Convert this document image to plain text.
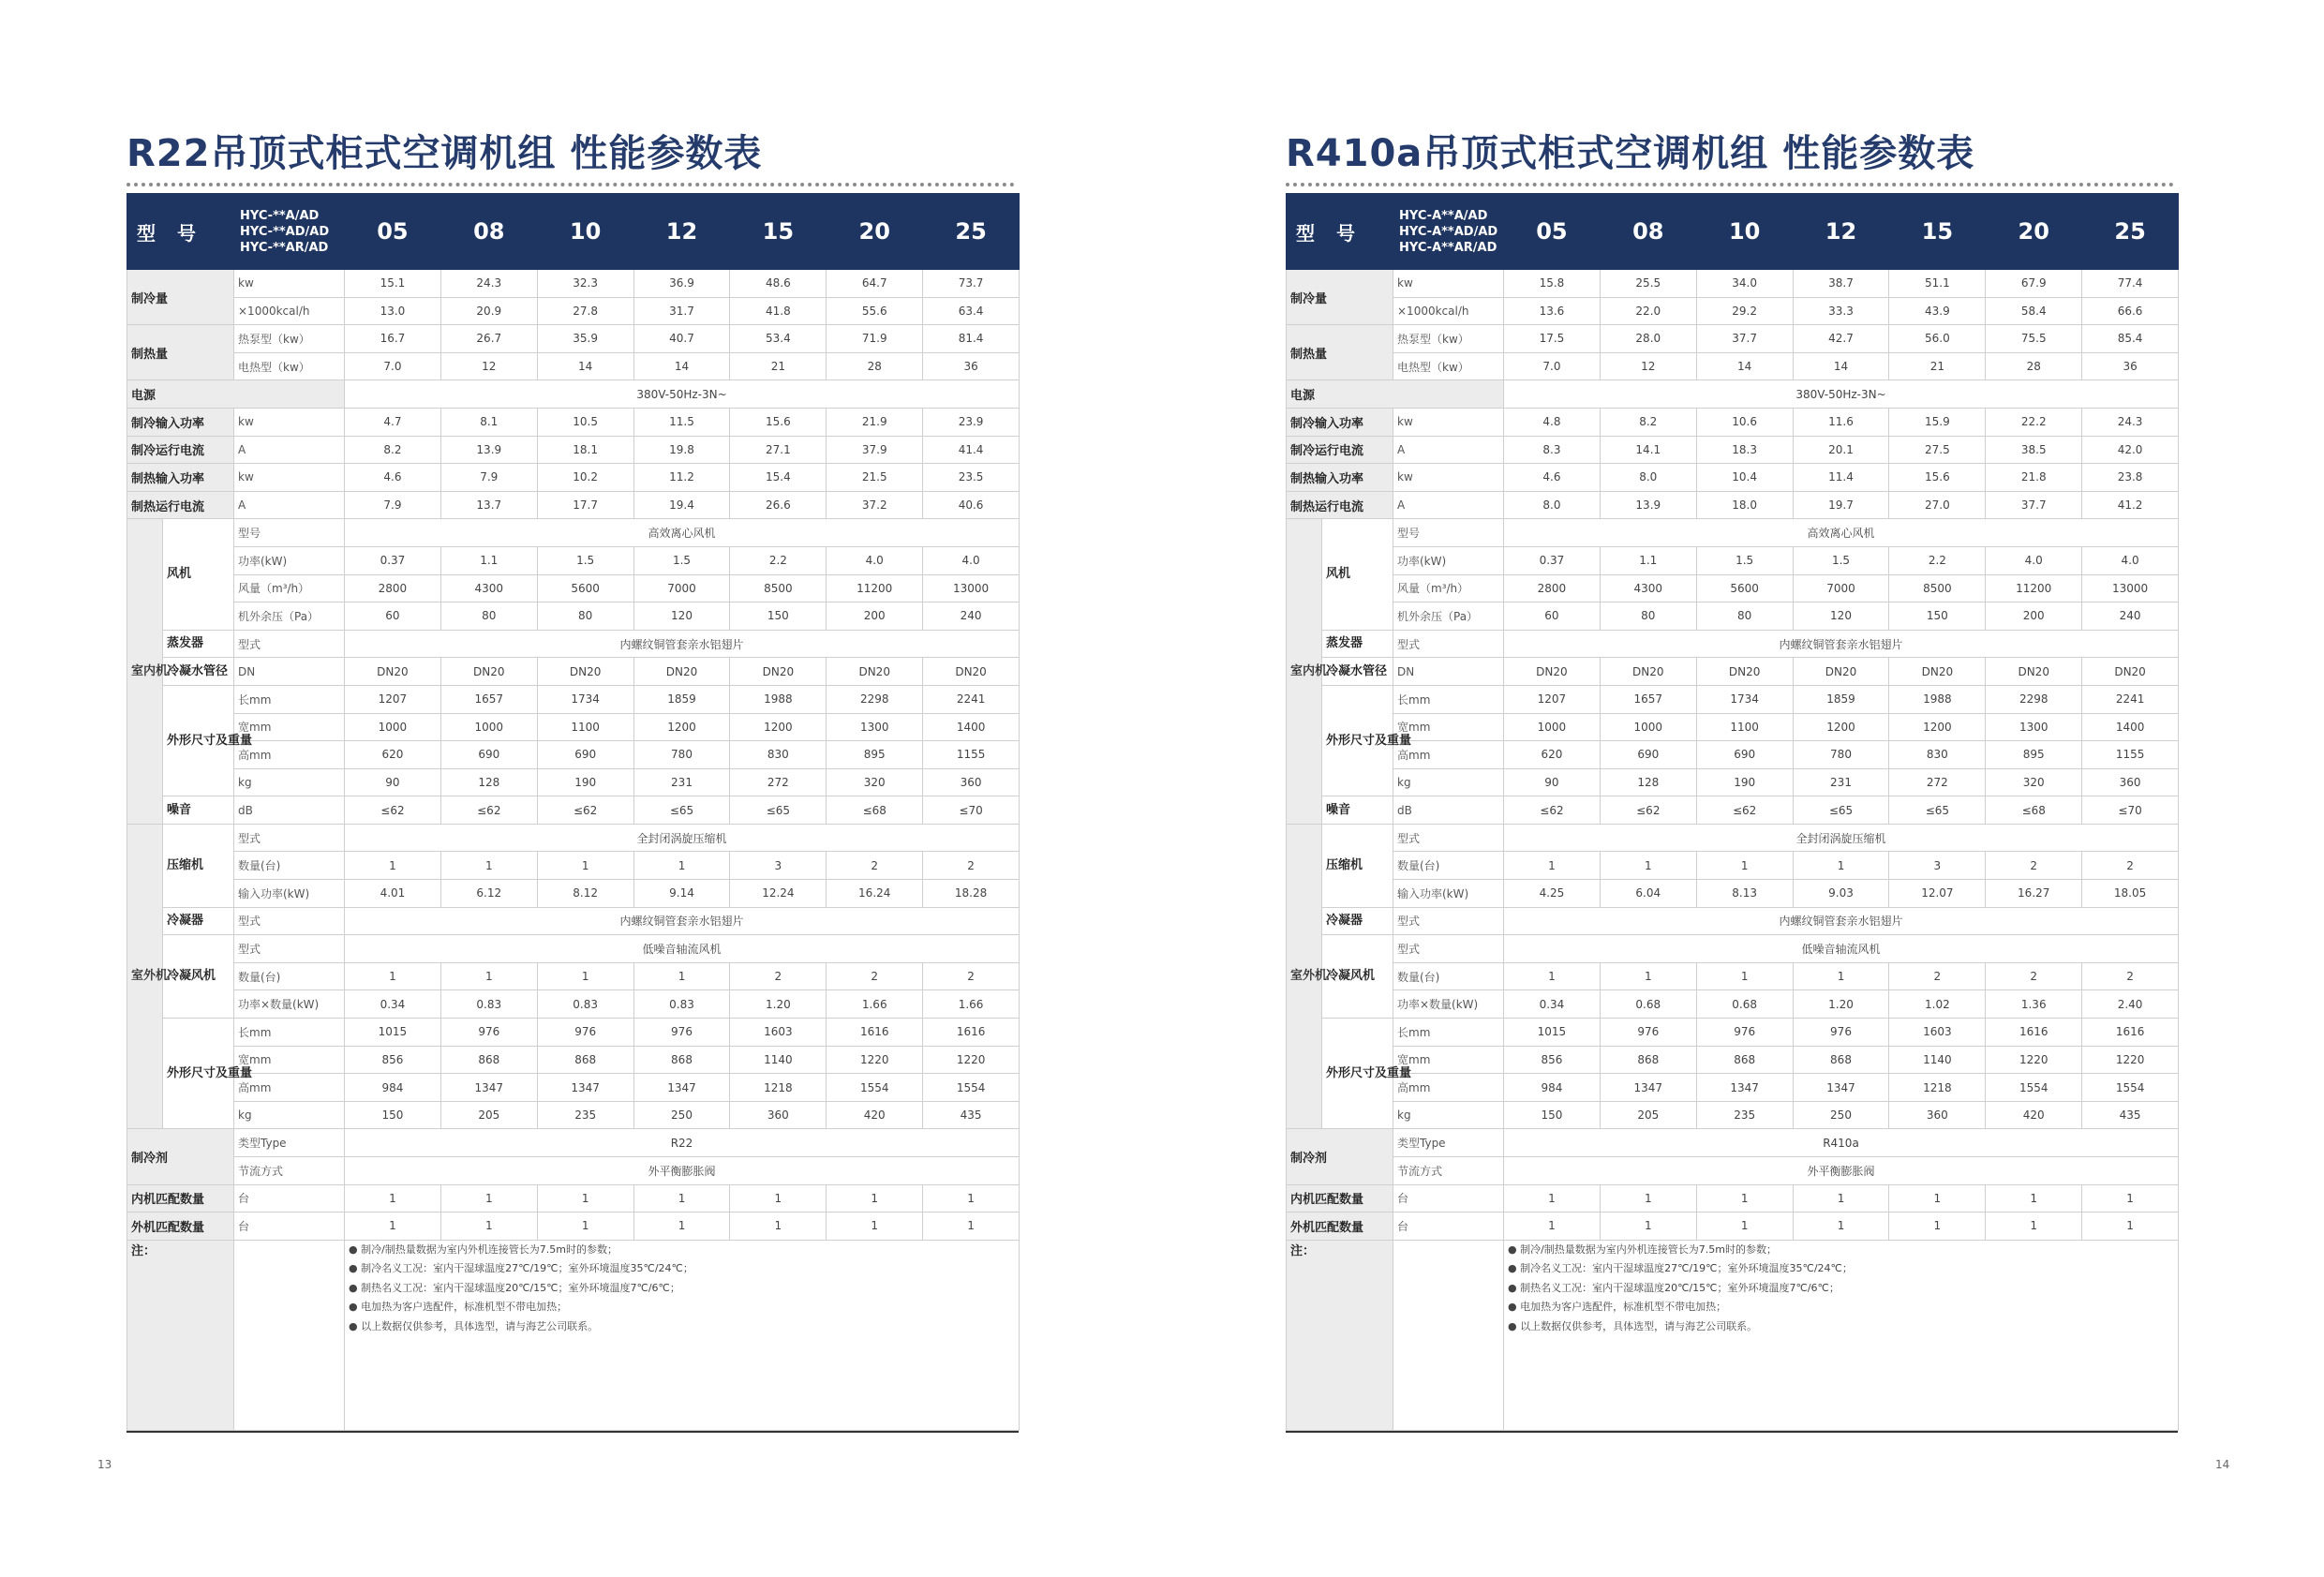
R22吊顶式柜式空调机组 性能参数表
型 号		HYC-**A/AD
HYC-**AD/AD
HYC-**AR/AD	05	08	10	12	15	20	25
制冷量		kw	15.1	24.3	32.3	36.9	48.6	64.7	73.7
		×1000kcal/h	13.0	20.9	27.8	31.7	41.8	55.6	63.4
制热量		热泵型（kw）	16.7	26.7	35.9	40.7	53.4	71.9	81.4
		电热型（kw）	7.0	12	14	14	21	28	36
电源			380V-50Hz-3N~						
制冷输入功率		kw	4.7	8.1	10.5	11.5	15.6	21.9	23.9
制冷运行电流		A	8.2	13.9	18.1	19.8	27.1	37.9	41.4
制热输入功率		kw	4.6	7.9	10.2	11.2	15.4	21.5	23.5
制热运行电流		A	7.9	13.7	17.7	19.4	26.6	37.2	40.6
室内机	风机	型号	高效离心风机						
		功率(kW)	0.37	1.1	1.5	1.5	2.2	4.0	4.0
		风量（m³/h）	2800	4300	5600	7000	8500	11200	13000
		机外余压（Pa）	60	80	80	120	150	200	240
	蒸发器	型式	内螺纹铜管套亲水铝翅片						
	冷凝水管径	DN	DN20	DN20	DN20	DN20	DN20	DN20	DN20
	外形尺寸及重量	长mm	1207	1657	1734	1859	1988	2298	2241
		宽mm	1000	1000	1100	1200	1200	1300	1400
		高mm	620	690	690	780	830	895	1155
		kg	90	128	190	231	272	320	360
	噪音	dB	≤62	≤62	≤62	≤65	≤65	≤68	≤70
室外机	压缩机	型式	全封闭涡旋压缩机						
		数量(台)	1	1	1	1	3	2	2
		输入功率(kW)	4.01	6.12	8.12	9.14	12.24	16.24	18.28
	冷凝器	型式	内螺纹铜管套亲水铝翅片						
	冷凝风机	型式	低噪音轴流风机						
		数量(台)	1	1	1	1	2	2	2
		功率×数量(kW)	0.34	0.83	0.83	0.83	1.20	1.66	1.66
	外形尺寸及重量	长mm	1015	976	976	976	1603	1616	1616
		宽mm	856	868	868	868	1140	1220	1220
		高mm	984	1347	1347	1347	1218	1554	1554
		kg	150	205	235	250	360	420	435
制冷剂		类型Type	R22						
		节流方式	外平衡膨胀阀						
内机匹配数量		台	1	1	1	1	1	1	1
外机匹配数量		台	1	1	1	1	1	1	1
注：			● 制冷/制热量数据为室内外机连接管长为7.5m时的参数；
● 制冷名义工况：室内干湿球温度27℃/19℃；室外环境温度35℃/24℃；
● 制热名义工况：室内干湿球温度20℃/15℃；室外环境温度7℃/6℃；
● 电加热为客户选配件，标准机型不带电加热；
● 以上数据仅供参考，具体选型，请与海艺公司联系。						
R410a吊顶式柜式空调机组 性能参数表
型 号		HYC-A**A/AD
HYC-A**AD/AD
HYC-A**AR/AD	05	08	10	12	15	20	25
制冷量		kw	15.8	25.5	34.0	38.7	51.1	67.9	77.4
		×1000kcal/h	13.6	22.0	29.2	33.3	43.9	58.4	66.6
制热量		热泵型（kw）	17.5	28.0	37.7	42.7	56.0	75.5	85.4
		电热型（kw）	7.0	12	14	14	21	28	36
电源			380V-50Hz-3N~						
制冷输入功率		kw	4.8	8.2	10.6	11.6	15.9	22.2	24.3
制冷运行电流		A	8.3	14.1	18.3	20.1	27.5	38.5	42.0
制热输入功率		kw	4.6	8.0	10.4	11.4	15.6	21.8	23.8
制热运行电流		A	8.0	13.9	18.0	19.7	27.0	37.7	41.2
室内机	风机	型号	高效离心风机						
		功率(kW)	0.37	1.1	1.5	1.5	2.2	4.0	4.0
		风量（m³/h）	2800	4300	5600	7000	8500	11200	13000
		机外余压（Pa）	60	80	80	120	150	200	240
	蒸发器	型式	内螺纹铜管套亲水铝翅片						
	冷凝水管径	DN	DN20	DN20	DN20	DN20	DN20	DN20	DN20
	外形尺寸及重量	长mm	1207	1657	1734	1859	1988	2298	2241
		宽mm	1000	1000	1100	1200	1200	1300	1400
		高mm	620	690	690	780	830	895	1155
		kg	90	128	190	231	272	320	360
	噪音	dB	≤62	≤62	≤62	≤65	≤65	≤68	≤70
室外机	压缩机	型式	全封闭涡旋压缩机						
		数量(台)	1	1	1	1	3	2	2
		输入功率(kW)	4.25	6.04	8.13	9.03	12.07	16.27	18.05
	冷凝器	型式	内螺纹铜管套亲水铝翅片						
	冷凝风机	型式	低噪音轴流风机						
		数量(台)	1	1	1	1	2	2	2
		功率×数量(kW)	0.34	0.68	0.68	1.20	1.02	1.36	2.40
	外形尺寸及重量	长mm	1015	976	976	976	1603	1616	1616
		宽mm	856	868	868	868	1140	1220	1220
		高mm	984	1347	1347	1347	1218	1554	1554
		kg	150	205	235	250	360	420	435
制冷剂		类型Type	R410a						
		节流方式	外平衡膨胀阀						
内机匹配数量		台	1	1	1	1	1	1	1
外机匹配数量		台	1	1	1	1	1	1	1
注：			● 制冷/制热量数据为室内外机连接管长为7.5m时的参数；
● 制冷名义工况：室内干湿球温度27℃/19℃；室外环境温度35℃/24℃；
● 制热名义工况：室内干湿球温度20℃/15℃；室外环境温度7℃/6℃；
● 电加热为客户选配件，标准机型不带电加热；
● 以上数据仅供参考，具体选型，请与海艺公司联系。						
13	14
